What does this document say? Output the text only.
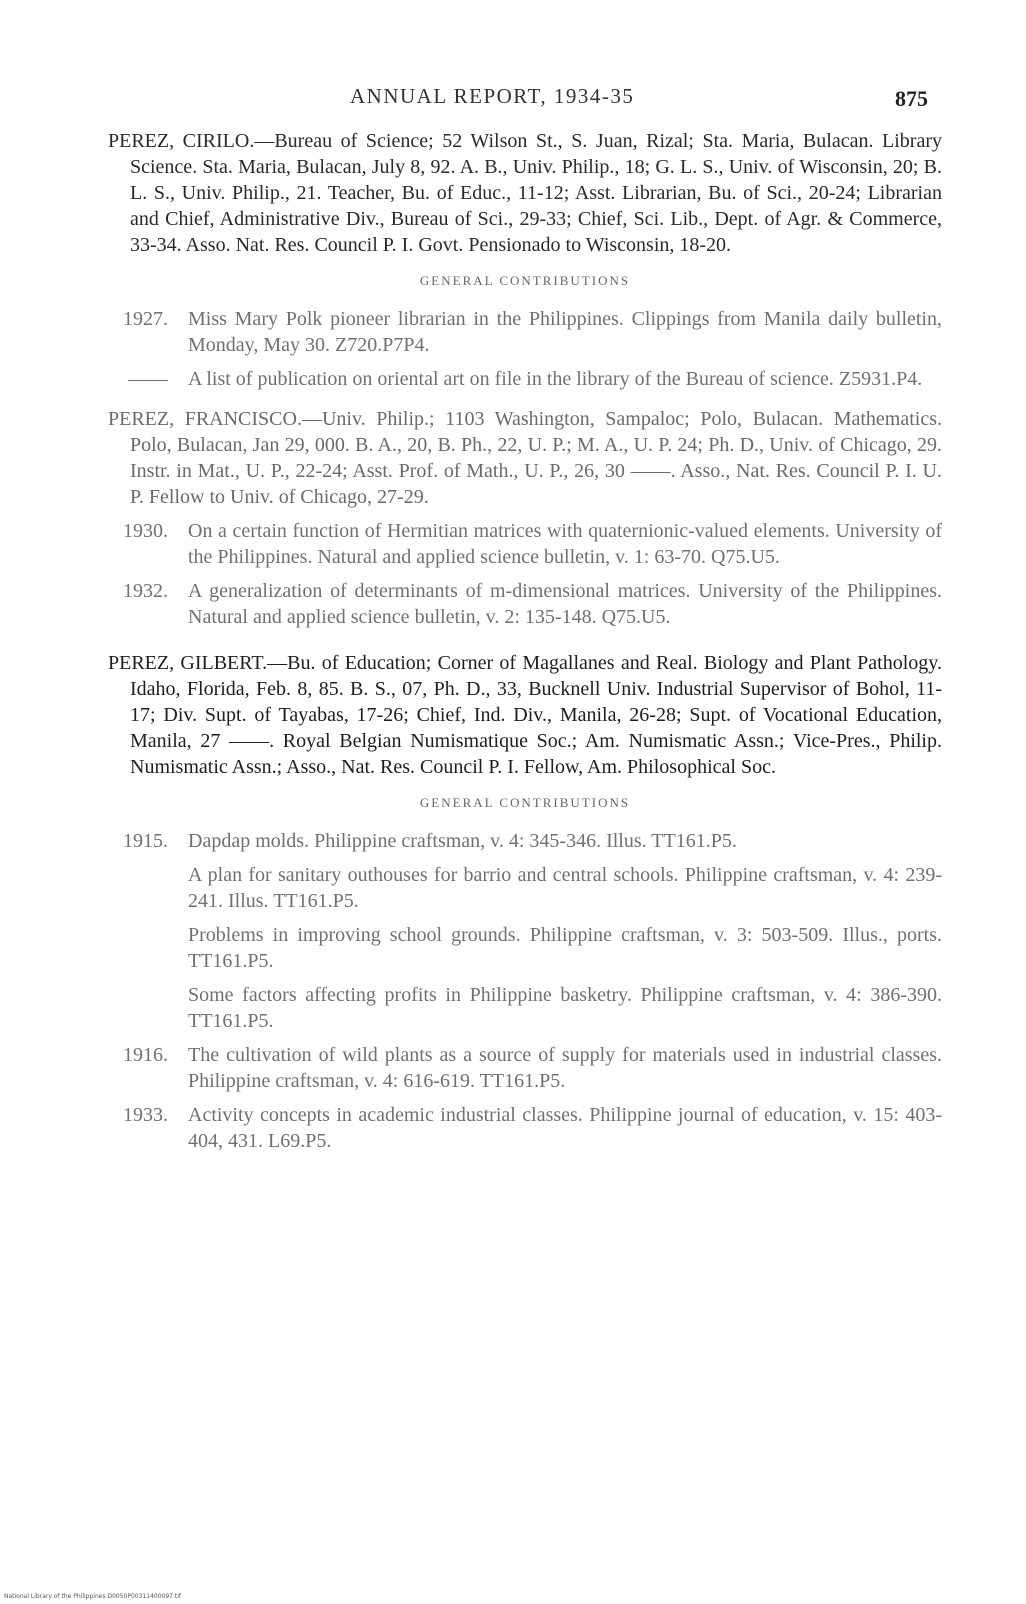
ANNUAL REPORT, 1934-35	875

PEREZ, CIRILO.—Bureau of Science; 52 Wilson St., S. Juan, Rizal; Sta. Maria, Bulacan. Library Science. Sta. Maria, Bulacan, July 8, 92. A. B., Univ. Philip., 18; G. L. S., Univ. of Wisconsin, 20; B. L. S., Univ. Philip., 21. Teacher, Bu. of Educ., 11-12; Asst. Librarian, Bu. of Sci., 20-24; Librarian and Chief, Administrative Div., Bureau of Sci., 29-33; Chief, Sci. Lib., Dept. of Agr. & Commerce, 33-34. Asso. Nat. Res. Council P. I. Govt. Pensionado to Wisconsin, 18-20.

GENERAL CONTRIBUTIONS
1927. Miss Mary Polk pioneer librarian in the Philippines. Clippings from Manila daily bulletin, Monday, May 30. Z720.P7P4.
—— A list of publication on oriental art on file in the library of the Bureau of science. Z5931.P4.

PEREZ, FRANCISCO.—Univ. Philip.; 1103 Washington, Sampaloc; Polo, Bulacan. Mathematics. Polo, Bulacan, Jan 29, 000. B. A., 20, B. Ph., 22, U. P.; M. A., U. P. 24; Ph. D., Univ. of Chicago, 29. Instr. in Mat., U. P., 22-24; Asst. Prof. of Math., U. P., 26, 30 ——. Asso., Nat. Res. Council P. I. U. P. Fellow to Univ. of Chicago, 27-29.

1930. On a certain function of Hermitian matrices with quaternionic-valued elements. University of the Philippines. Natural and applied science bulletin, v. 1: 63-70. Q75.U5.
1932. A generalization of determinants of m-dimensional matrices. University of the Philippines. Natural and applied science bulletin, v. 2: 135-148. Q75.U5.

PEREZ, GILBERT.—Bu. of Education; Corner of Magallanes and Real. Biology and Plant Pathology. Idaho, Florida, Feb. 8, 85. B. S., 07, Ph. D., 33, Bucknell Univ. Industrial Supervisor of Bohol, 11-17; Div. Supt. of Tayabas, 17-26; Chief, Ind. Div., Manila, 26-28; Supt. of Vocational Education, Manila, 27 ——. Royal Belgian Numismatique Soc.; Am. Numismatic Assn.; Vice-Pres., Philip. Numismatic Assn.; Asso., Nat. Res. Council P. I. Fellow, Am. Philosophical Soc.

GENERAL CONTRIBUTIONS
1915. Dapdap molds. Philippine craftsman, v. 4: 345-346. Illus. TT161.P5.
A plan for sanitary outhouses for barrio and central schools. Philippine craftsman, v. 4: 239-241. Illus. TT161.P5.
Problems in improving school grounds. Philippine craftsman, v. 3: 503-509. Illus., ports. TT161.P5.
Some factors affecting profits in Philippine basketry. Philippine craftsman, v. 4: 386-390. TT161.P5.
1916. The cultivation of wild plants as a source of supply for materials used in industrial classes. Philippine craftsman, v. 4: 616-619. TT161.P5.
1933. Activity concepts in academic industrial classes. Philippine journal of education, v. 15: 403-404, 431. L69.P5.
National Library of the Philippines D0050P00311400097.tif
